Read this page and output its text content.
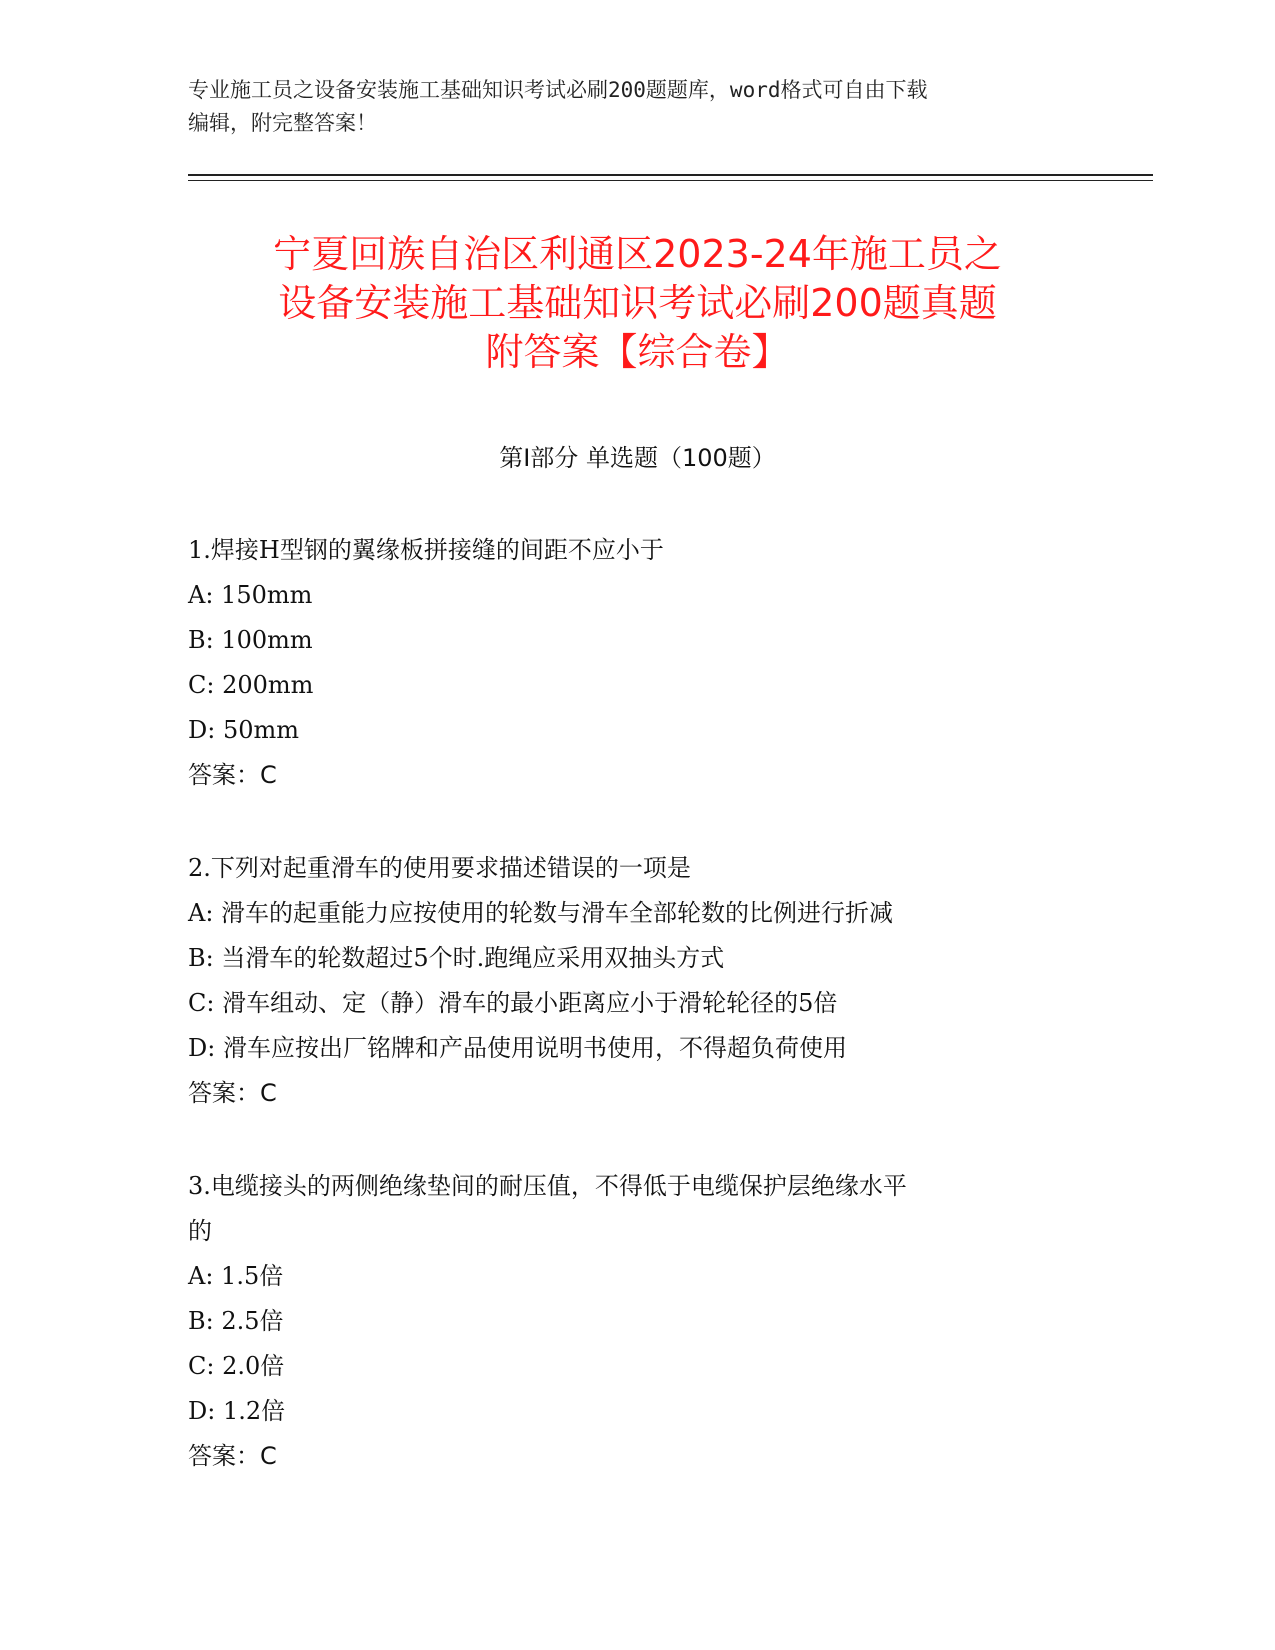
专业施工员之设备安装施工基础知识考试必刷200题题库，word格式可自由下载
编辑，附完整答案！
宁夏回族自治区利通区2023-24年施工员之
设备安装施工基础知识考试必刷200题真题
附答案【综合卷】
第Ⅰ部分 单选题（100题）
1.焊接H型钢的翼缘板拼接缝的间距不应小于
A: 150mm
B: 100mm
C: 200mm
D: 50mm
答案：C
2.下列对起重滑车的使用要求描述错误的一项是
A: 滑车的起重能力应按使用的轮数与滑车全部轮数的比例进行折减
B: 当滑车的轮数超过5个时.跑绳应采用双抽头方式
C: 滑车组动、定（静）滑车的最小距离应小于滑轮轮径的5倍
D: 滑车应按出厂铭牌和产品使用说明书使用，不得超负荷使用
答案：C
3.电缆接头的两侧绝缘垫间的耐压值，不得低于电缆保护层绝缘水平
的
A: 1.5倍
B: 2.5倍
C: 2.0倍
D: 1.2倍
答案：C
